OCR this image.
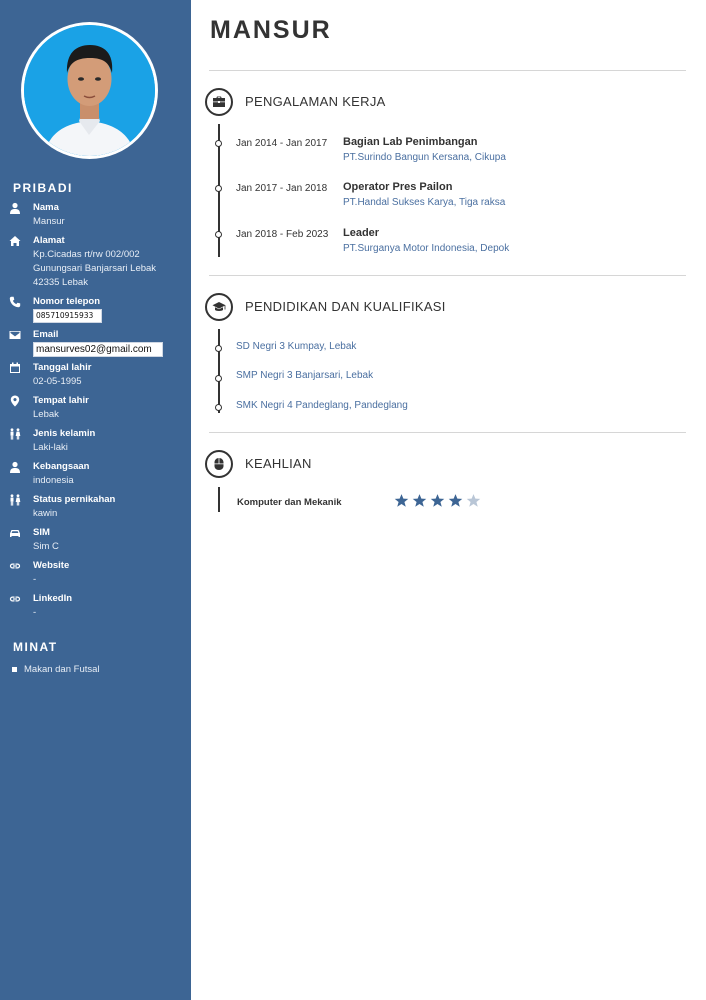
PRIBADI
Nama
Mansur
Alamat
Kp.Cicadas rt/rw 002/002
Gunungsari Banjarsari Lebak
42335 Lebak
Nomor telepon
085710915933
Email
mansurves02@gmail.com
Tanggal lahir
02-05-1995
Tempat lahir
Lebak
Jenis kelamin
Laki-laki
Kebangsaan
indonesia
Status pernikahan
kawin
SIM
Sim C
Website
-
LinkedIn
-
MINAT
Makan dan Futsal
MANSUR
PENGALAMAN KERJA
Jan 2014 - Jan 2017 Bagian Lab Penimbangan
PT.Surindo Bangun Kersana, Cikupa
Jan 2017 - Jan 2018 Operator Pres Pailon
PT.Handal Sukses Karya, Tiga raksa
Jan 2018 - Feb 2023 Leader
PT.Surganya Motor Indonesia, Depok
PENDIDIKAN DAN KUALIFIKASI
SD Negri 3 Kumpay, Lebak
SMP Negri 3 Banjarsari, Lebak
SMK Negri 4 Pandeglang, Pandeglang
KEAHLIAN
Komputer dan Mekanik
